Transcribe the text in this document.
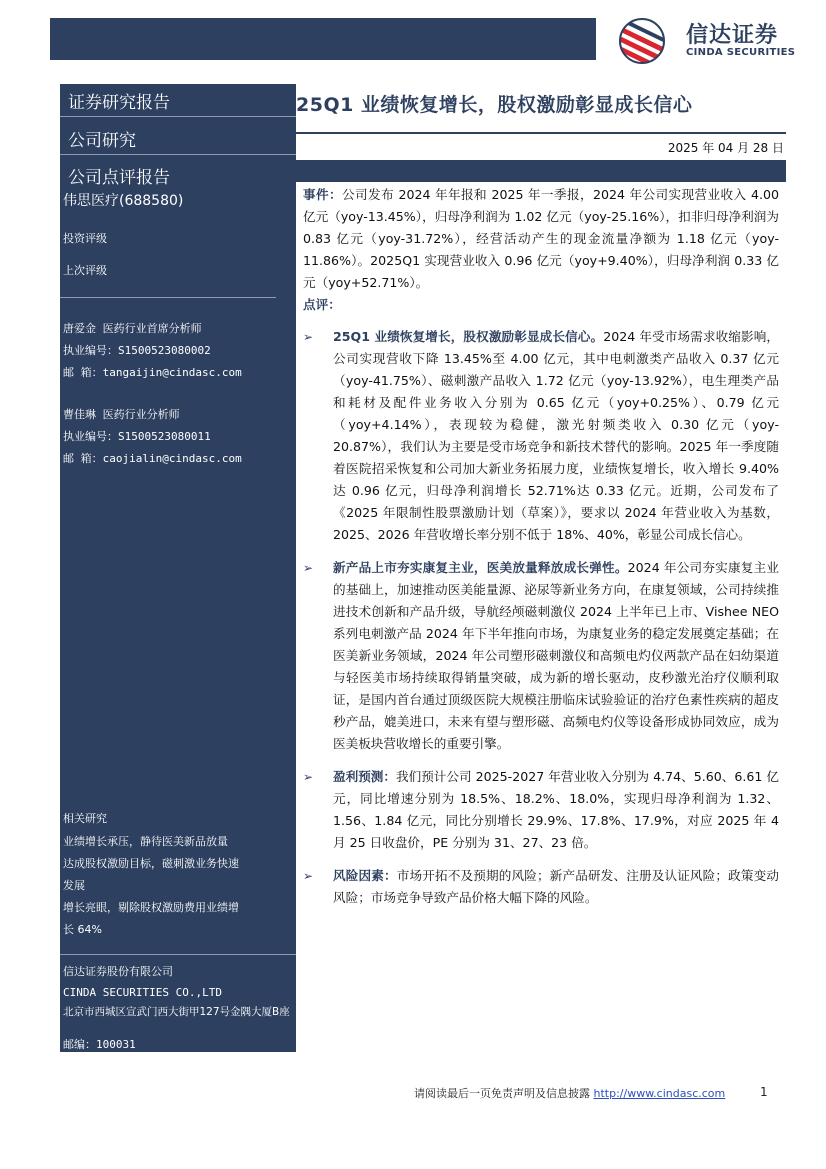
信达证券
CINDA SECURITIES
证券研究报告
公司研究
公司点评报告
伟思医疗(688580)
投资评级
上次评级
唐爱金 医药行业首席分析师
执业编号：S1500523080002
邮 箱：tangaijin@cindasc.com
曹佳琳 医药行业分析师
执业编号：S1500523080011
邮 箱：caojialin@cindasc.com
相关研究
业绩增长承压，静待医美新品放量
达成股权激励目标，磁刺激业务快速
发展
增长亮眼，剔除股权激励费用业绩增
长 64%
信达证券股份有限公司
CINDA SECURITIES CO.,LTD
北京市西城区宣武门西大街甲127号金隅大厦B座
邮编：100031
25Q1 业绩恢复增长，股权激励彰显成长信心
2025 年 04 月 28 日

事件：公司发布 2024 年年报和 2025 年一季报，2024 年公司实现营业收入 4.00 亿元（yoy-13.45%），归母净利润为 1.02 亿元（yoy-25.16%），扣非归母净利润为 0.83 亿元（yoy-31.72%），经营活动产生的现金流量净额为 1.18 亿元（yoy-11.86%）。2025Q1 实现营业收入 0.96 亿元（yoy+9.40%），归母净利润 0.33 亿元（yoy+52.71%）。

点评：

➢ 25Q1 业绩恢复增长，股权激励彰显成长信心。2024 年受市场需求收缩影响，公司实现营收下降 13.45%至 4.00 亿元，其中电刺激类产品收入 0.37 亿元（yoy-41.75%）、磁刺激产品收入 1.72 亿元（yoy-13.92%），电生理类产品和耗材及配件业务收入分别为 0.65 亿元（yoy+0.25%）、0.79 亿元（yoy+4.14%），表现较为稳健，激光射频类收入 0.30 亿元（yoy-20.87%），我们认为主要是受市场竞争和新技术替代的影响。2025 年一季度随着医院招采恢复和公司加大新业务拓展力度，业绩恢复增长，收入增长 9.40%达 0.96 亿元，归母净利润增长 52.71%达 0.33 亿元。近期，公司发布了《2025 年限制性股票激励计划（草案）》，要求以 2024 年营业收入为基数，2025、2026 年营收增长率分别不低于 18%、40%，彰显公司成长信心。

➢ 新产品上市夯实康复主业，医美放量释放成长弹性。2024 年公司夯实康复主业的基础上，加速推动医美能量源、泌尿等新业务方向，在康复领域，公司持续推进技术创新和产品升级，导航经颅磁刺激仪 2024 上半年已上市、Vishee NEO 系列电刺激产品 2024 年下半年推向市场，为康复业务的稳定发展奠定基础；在医美新业务领域，2024 年公司塑形磁刺激仪和高频电灼仪两款产品在妇幼渠道与轻医美市场持续取得销量突破，成为新的增长驱动，皮秒激光治疗仪顺利取证，是国内首台通过顶级医院大规模注册临床试验验证的治疗色素性疾病的超皮秒产品，媲美进口，未来有望与塑形磁、高频电灼仪等设备形成协同效应，成为医美板块营收增长的重要引擎。

➢ 盈利预测：我们预计公司 2025-2027 年营业收入分别为 4.74、5.60、6.61 亿元，同比增速分别为 18.5%、18.2%、18.0%，实现归母净利润为 1.32、1.56、1.84 亿元，同比分别增长 29.9%、17.8%、17.9%，对应 2025 年 4 月 25 日收盘价，PE 分别为 31、27、23 倍。

➢ 风险因素：市场开拓不及预期的风险；新产品研发、注册及认证风险；政策变动风险；市场竞争导致产品价格大幅下降的风险。

请阅读最后一页免责声明及信息披露 http://www.cindasc.com	1
